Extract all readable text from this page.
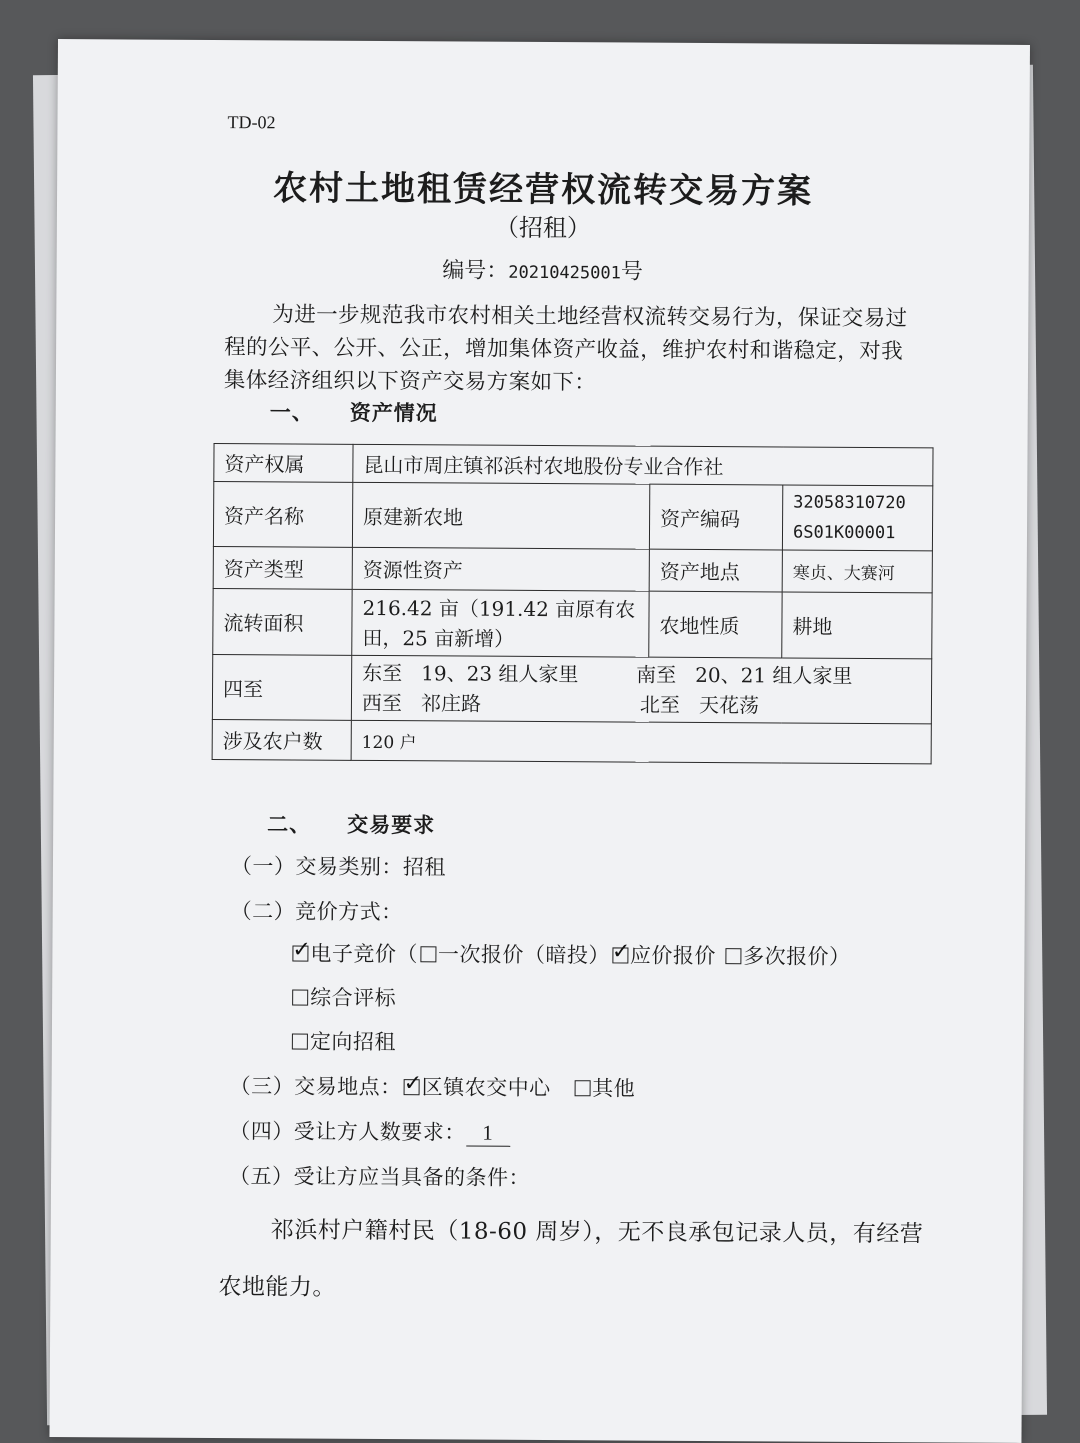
TD-02
农村土地租赁经营权流转交易方案
（招租）
编号：20210425001号
为进一步规范我市农村相关土地经营权流转交易行为，保证交易过程的公平、公开、公正，增加集体资产收益，维护农村和谐稳定，对我集体经济组织以下资产交易方案如下：
一、 资产情况
资产权属	昆山市周庄镇祁浜村农地股份专业合作社		
资产名称	原建新农地	资产编码	32058310720
6S01K00001

资产类型	资源性资产	资产地点	寒贞、大赛河
流转面积	216.42 亩（191.42 亩原有农
田，25 亩新增）	农地性质	耕地
四至	东至 19、23 组人家里 南至 20、21 组人家里
西至 祁庄路 北至 天花荡		

涉及农户数	120 户		
二、 交易要求
（一）交易类别：招租
（二）竞价方式：
✓电子竞价（ 一次报价（暗投） ✓ 应价报价 多次报价）
综合评标
定向招租
（三）交易地点： ✓ 区镇农交中心 其他
（四）受让方人数要求： 1
（五）受让方应当具备的条件：
祁浜村户籍村民（18-60 周岁），无不良承包记录人员，有经营农地能力。
